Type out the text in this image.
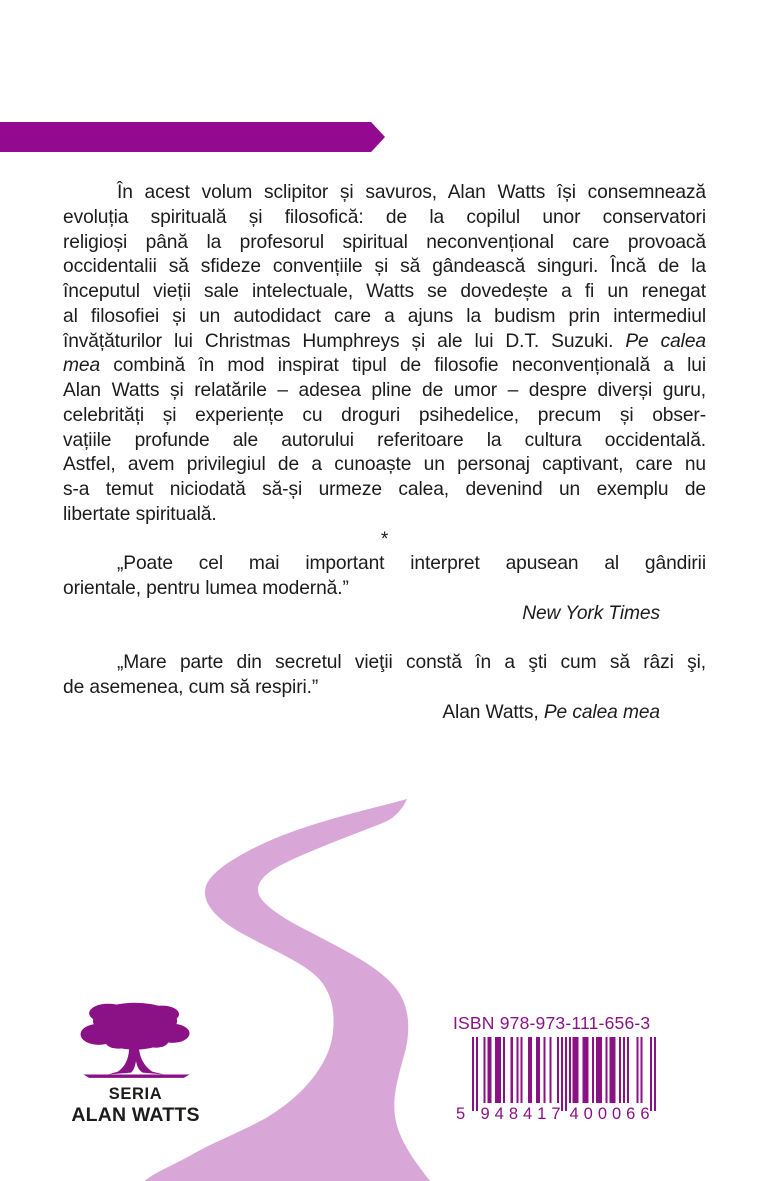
În acest volum sclipitor și savuros, Alan Watts își consemnează
evoluția spirituală și filosofică: de la copilul unor conservatori
religioși până la profesorul spiritual neconvențional care provoacă
occidentalii să sfideze convențiile și să gândească singuri. Încă de la
începutul vieții sale intelectuale, Watts se dovedește a fi un renegat
al filosofiei și un autodidact care a ajuns la budism prin intermediul
învățăturilor lui Christmas Humphreys și ale lui D.T. Suzuki. Pe calea
mea combină în mod inspirat tipul de filosofie neconvențională a lui
Alan Watts și relatările – adesea pline de umor – despre diverși guru,
celebrități și experiențe cu droguri psihedelice, precum și obser-
vațiile profunde ale autorului referitoare la cultura occidentală.
Astfel, avem privilegiul de a cunoaște un personaj captivant, care nu
s-a temut niciodată să-și urmeze calea, devenind un exemplu de
libertate spirituală.
*
„Poate cel mai important interpret apusean al gândirii
orientale, pentru lumea modernă.”
New York Times
„Mare parte din secretul vieţii constă în a şti cum să râzi şi,
de asemenea, cum să respiri.”
Alan Watts, Pe calea mea
SERIA
ALAN WATTS
ISBN 978-973-111-656-3
5 948417 400066
